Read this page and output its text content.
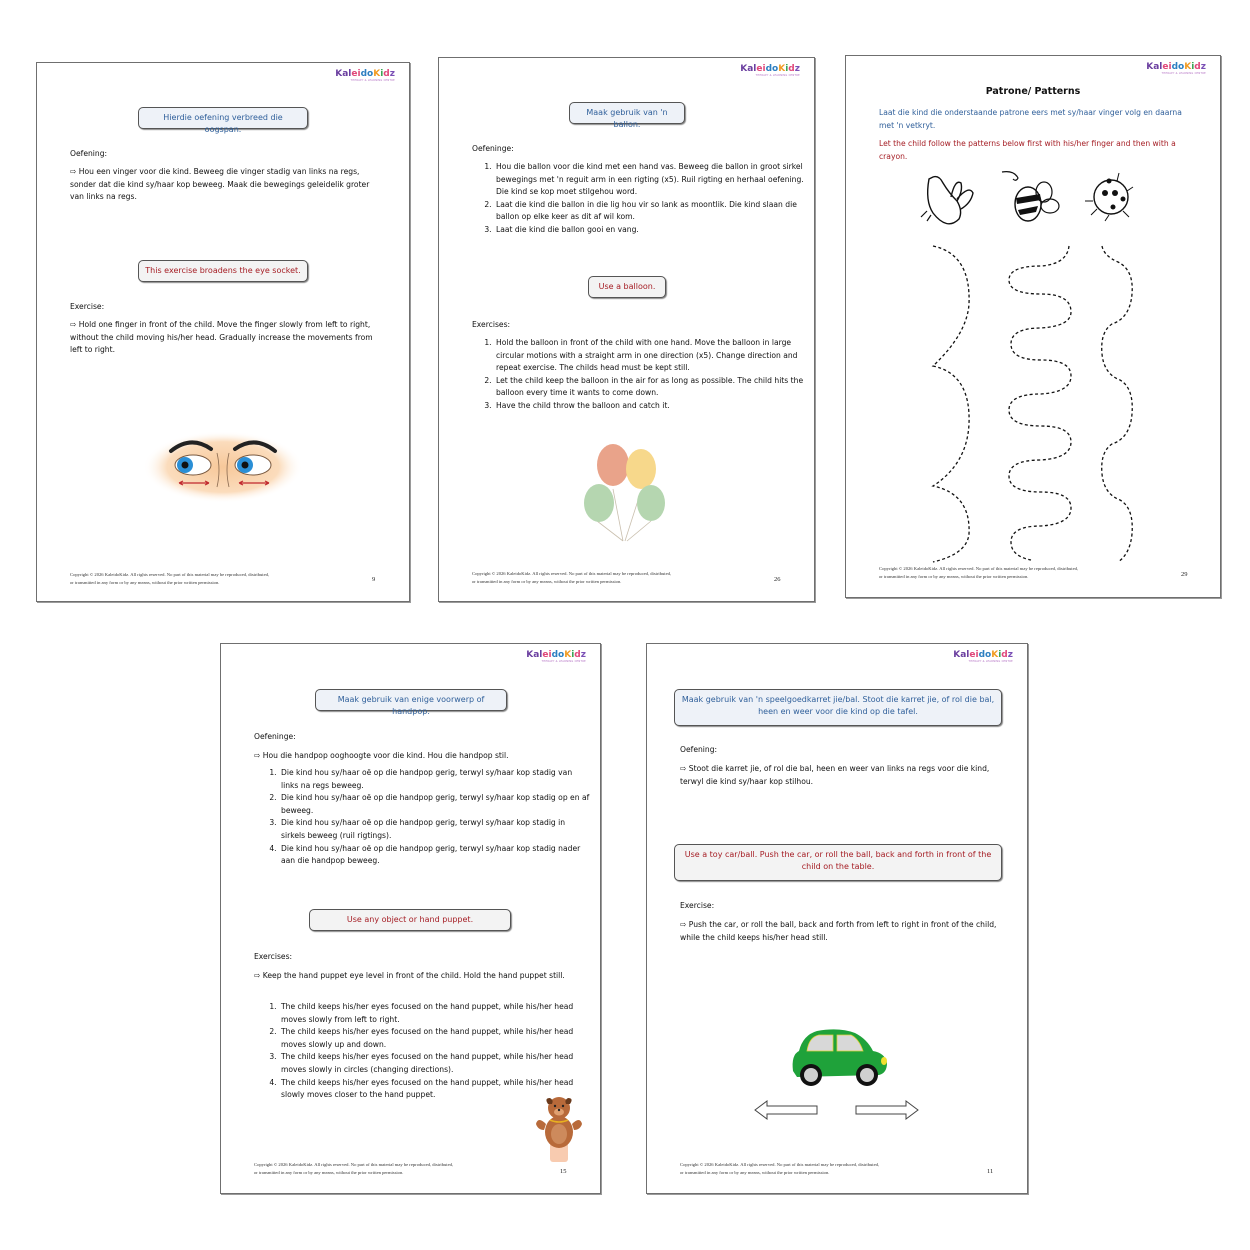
KaleidoKidz
THERAPY & LEARNING CENTRE
Hierdie oefening verbreed die oogspan.
Oefening:
⇨ Hou een vinger voor die kind. Beweeg die vinger stadig van links na regs, sonder dat die kind sy/haar kop beweeg. Maak die bewegings geleidelik groter van links na regs.
This exercise broadens the eye socket.
Exercise:
⇨ Hold one finger in front of the child. Move the finger slowly from left to right, without the child moving his/her head. Gradually increase the movements from left to right.
Copyright © 2026 KaleidoKidz. All rights reserved. No part of this material may be reproduced, distributed,
or transmitted in any form or by any means, without the prior written permission.	9
KaleidoKidz
THERAPY & LEARNING CENTRE
Maak gebruik van 'n ballon.
Oefeninge:
1. Hou die ballon voor die kind met een hand vas. Beweeg die ballon in groot sirkel bewegings met 'n reguit arm in een rigting (x5). Ruil rigting en herhaal oefening. Die kind se kop moet stilgehou word.
2. Laat die kind die ballon in die lig hou vir so lank as moontlik. Die kind slaan die ballon op elke keer as dit af wil kom.
3. Laat die kind die ballon gooi en vang.
Use a balloon.
Exercises:
1. Hold the balloon in front of the child with one hand. Move the balloon in large circular motions with a straight arm in one direction (x5). Change direction and repeat exercise. The childs head must be kept still.
2. Let the child keep the balloon in the air for as long as possible. The child hits the balloon every time it wants to come down.
3. Have the child throw the balloon and catch it.
Copyright © 2026 KaleidoKidz. All rights reserved. No part of this material may be reproduced, distributed,
or transmitted in any form or by any means, without the prior written permission.	26
KaleidoKidz
THERAPY & LEARNING CENTRE
Patrone/ Patterns
Laat die kind die onderstaande patrone eers met sy/haar vinger volg en daarna met 'n vetkryt.
Let the child follow the patterns below first with his/her finger and then with a crayon.
Copyright © 2026 KaleidoKidz. All rights reserved. No part of this material may be reproduced, distributed,
or transmitted in any form or by any means, without the prior written permission.	29
KaleidoKidz
THERAPY & LEARNING CENTRE
Maak gebruik van enige voorwerp of handpop.
Oefeninge:
⇨ Hou die handpop ooghoogte voor die kind. Hou die handpop stil.
1. Die kind hou sy/haar oë op die handpop gerig, terwyl sy/haar kop stadig van links na regs beweeg.
2. Die kind hou sy/haar oë op die handpop gerig, terwyl sy/haar kop stadig op en af beweeg.
3. Die kind hou sy/haar oë op die handpop gerig, terwyl sy/haar kop stadig in sirkels beweeg (ruil rigtings).
4. Die kind hou sy/haar oë op die handpop gerig, terwyl sy/haar kop stadig nader aan die handpop beweeg.
Use any object or hand puppet.
Exercises:
⇨ Keep the hand puppet eye level in front of the child. Hold the hand puppet still.
1. The child keeps his/her eyes focused on the hand puppet, while his/her head moves slowly from left to right.
2. The child keeps his/her eyes focused on the hand puppet, while his/her head moves slowly up and down.
3. The child keeps his/her eyes focused on the hand puppet, while his/her head moves slowly in circles (changing directions).
4. The child keeps his/her eyes focused on the hand puppet, while his/her head slowly moves closer to the hand puppet.
Copyright © 2026 KaleidoKidz. All rights reserved. No part of this material may be reproduced, distributed,
or transmitted in any form or by any means, without the prior written permission.	15
KaleidoKidz
THERAPY & LEARNING CENTRE
Maak gebruik van 'n speelgoedkarret jie/bal. Stoot die karret jie, of rol die bal, heen en weer voor die kind op die tafel.
Oefening:
⇨ Stoot die karret jie, of rol die bal, heen en weer van links na regs voor die kind, terwyl die kind sy/haar kop stilhou.
Use a toy car/ball. Push the car, or roll the ball, back and forth in front of the child on the table.
Exercise:
⇨ Push the car, or roll the ball, back and forth from left to right in front of the child, while the child keeps his/her head still.
Copyright © 2026 KaleidoKidz. All rights reserved. No part of this material may be reproduced, distributed,
or transmitted in any form or by any means, without the prior written permission.	11
